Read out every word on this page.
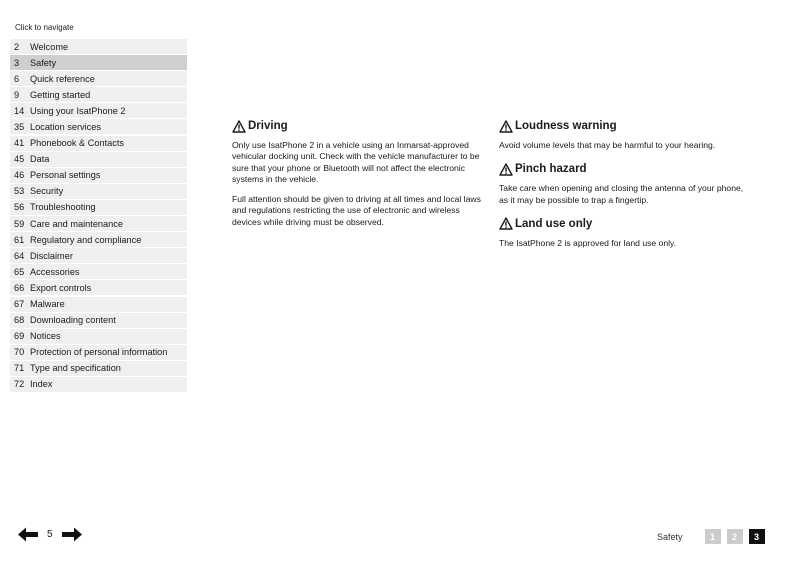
Click to navigate
2	Welcome
3	Safety
6	Quick reference
9	Getting started
14 Using your IsatPhone 2
35 Location services
41 Phonebook & Contacts
45 Data
46 Personal settings
53 Security
56 Troubleshooting
59 Care and maintenance
61 Regulatory and compliance
64 Disclaimer
65 Accessories
66 Export controls
67 Malware
68 Downloading content
69 Notices
70 Protection of personal information
71 Type and specification
72 Index
Driving

Only use IsatPhone 2 in a vehicle using an Inmarsat-approved vehicular docking unit. Check with the vehicle manufacturer to be sure that your phone or Bluetooth will not affect the electronic systems in the vehicle.

Full attention should be given to driving at all times and local laws and regulations restricting the use of electronic and wireless devices while driving must be observed.

Loudness warning

Avoid volume levels that may be harmful to your hearing.

Pinch hazard

Take care when opening and closing the antenna of your phone, as it may be possible to trap a fingertip.

Land use only

The IsatPhone 2 is approved for land use only.

5	Safety	1	2	3
